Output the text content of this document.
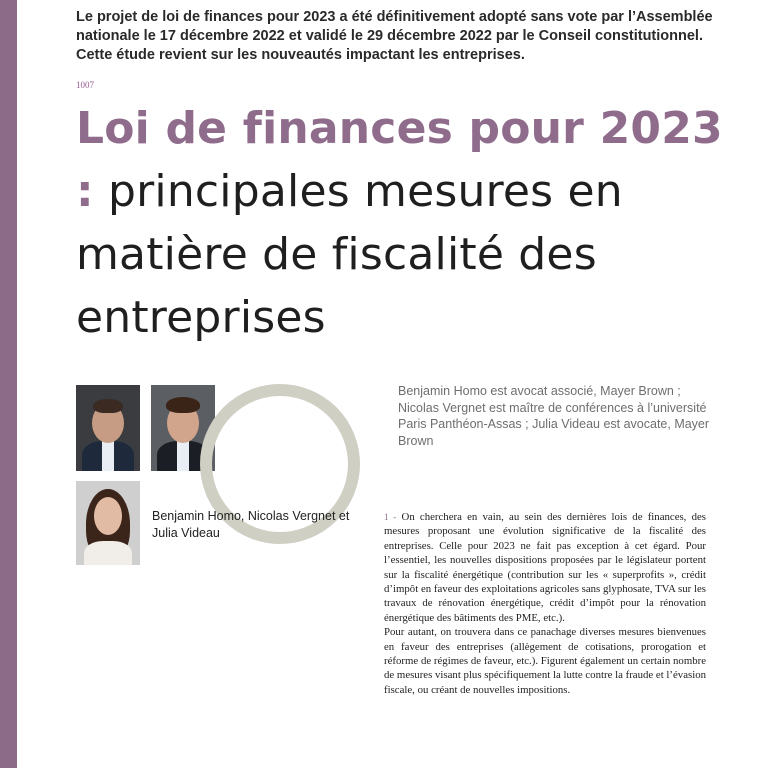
Le projet de loi de finances pour 2023 a été définitivement adopté sans vote par l’Assemblée nationale le 17 décembre 2022 et validé le 29 décembre 2022 par le Conseil constitutionnel. Cette étude revient sur les nouveautés impactant les entreprises.

1007

Loi de finances pour 2023 : principales mesures en matière de fiscalité des entreprises

Benjamin Homo, Nicolas Vergnet et Julia Videau

Benjamin Homo est avocat associé, Mayer Brown ; Nicolas Vergnet est maître de conférences à l’université Paris Panthéon-Assas ; Julia Videau est avocate, Mayer Brown

1 - On cherchera en vain, au sein des dernières lois de finances, des mesures proposant une évolution significative de la fiscalité des entreprises. Celle pour 2023 ne fait pas exception à cet égard. Pour l’essentiel, les nouvelles dispositions proposées par le législateur portent sur la fiscalité énergétique (contribution sur les « superprofits », crédit d’impôt en faveur des exploitations agricoles sans glyphosate, TVA sur les travaux de rénovation énergétique, crédit d’impôt pour la rénovation énergétique des bâtiments des PME, etc.).

Pour autant, on trouvera dans ce panachage diverses mesures bienvenues en faveur des entreprises (allègement de cotisations, prorogation et réforme de régimes de faveur, etc.). Figurent également un certain nombre de mesures visant plus spécifiquement la lutte contre la fraude et l’évasion fiscale, ou créant de nouvelles impositions.
